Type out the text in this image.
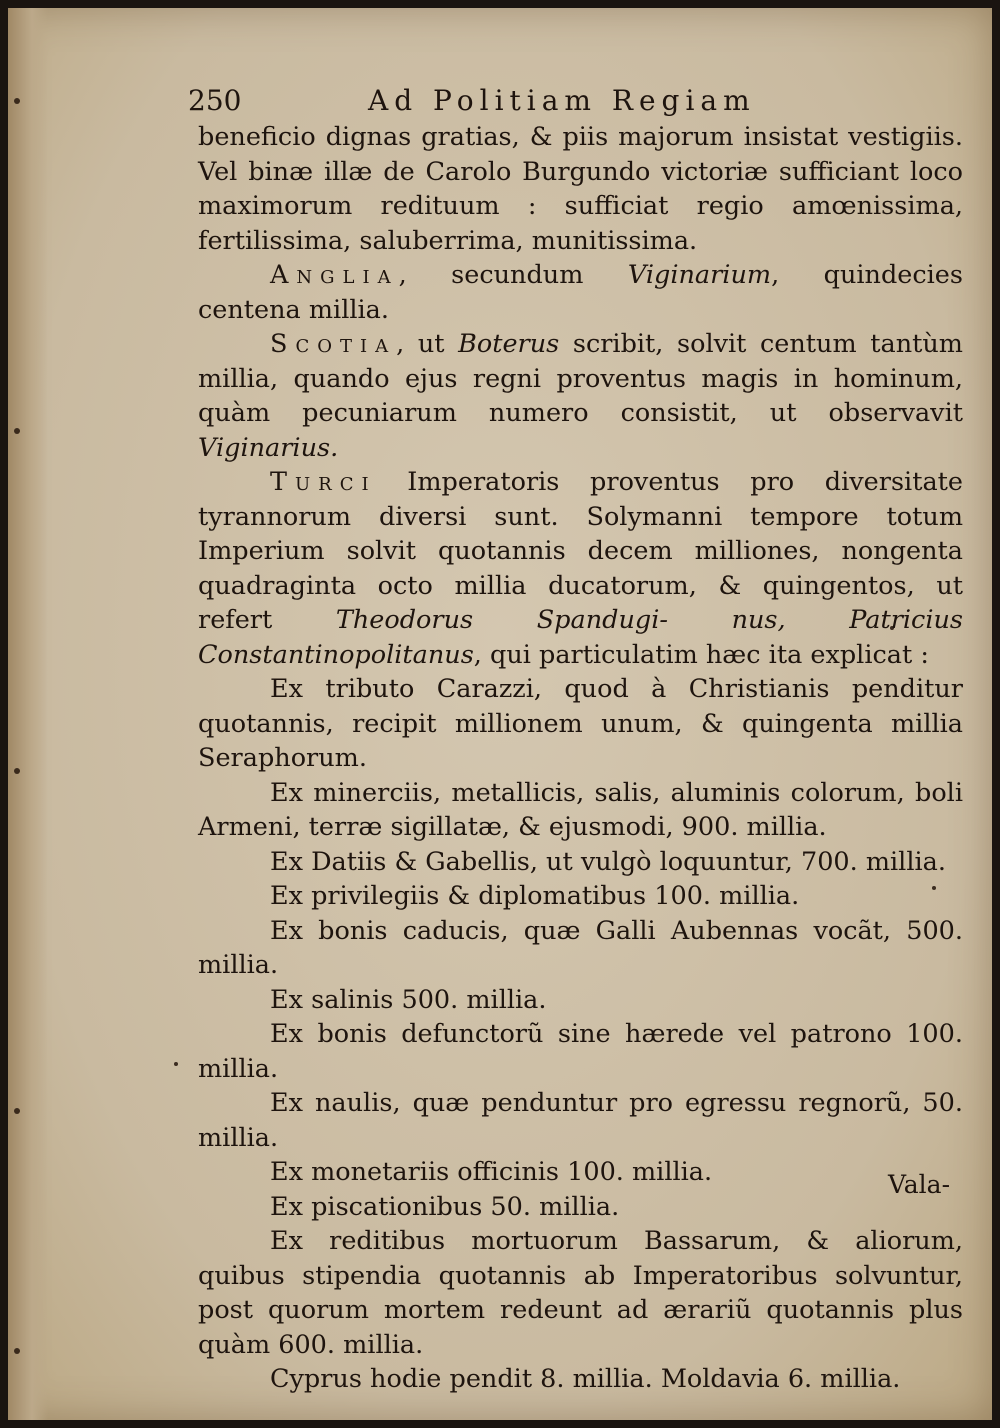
250	Ad Politiam Regiam

beneficio dignas gratias, & piis majorum insistat vestigiis. Vel binæ illæ de Carolo Burgundo victoriæ sufficiant loco maximorum redituum : sufficiat regio amœnissima, fertilissima, saluberrima, munitissima.

Anglia, secundum Viginarium, quindecies centena millia.

Scotia, ut Boterus scribit, solvit centum tantùm millia, quando ejus regni proventus magis in hominum, quàm pecuniarum numero consistit, ut observavit Viginarius.

Turci Imperatoris proventus pro diversitate tyrannorum diversi sunt. Solymanni tempore totum Imperium solvit quotannis decem milliones, nongenta quadraginta octo millia ducatorum, & quingentos, ut refert Theodorus Spandugi- nus, Patricius Constantinopolitanus, qui particulatim hæc ita explicat :

Ex tributo Carazzi, quod à Christianis penditur quotannis, recipit millionem unum, & quingenta millia Seraphorum.

Ex minerciis, metallicis, salis, aluminis colorum, boli Armeni, terræ sigillatæ, & ejusmodi, 900. millia.

Ex Datiis & Gabellis, ut vulgò loquuntur, 700. millia.

Ex privilegiis & diplomatibus 100. millia.

Ex bonis caducis, quæ Galli Aubennas vocãt, 500. millia.

Ex salinis 500. millia.

Ex bonis defunctorũ sine hærede vel patrono 100. millia.

Ex naulis, quæ penduntur pro egressu regnorũ, 50. millia.

Ex monetariis officinis 100. millia.

Ex piscationibus 50. millia.

Ex reditibus mortuorum Bassarum, & aliorum, quibus stipendia quotannis ab Imperatoribus solvuntur, post quorum mortem redeunt ad ærariũ quotannis plus quàm 600. millia.

Cyprus hodie pendit 8. millia. Moldavia 6. millia.

Vala-
